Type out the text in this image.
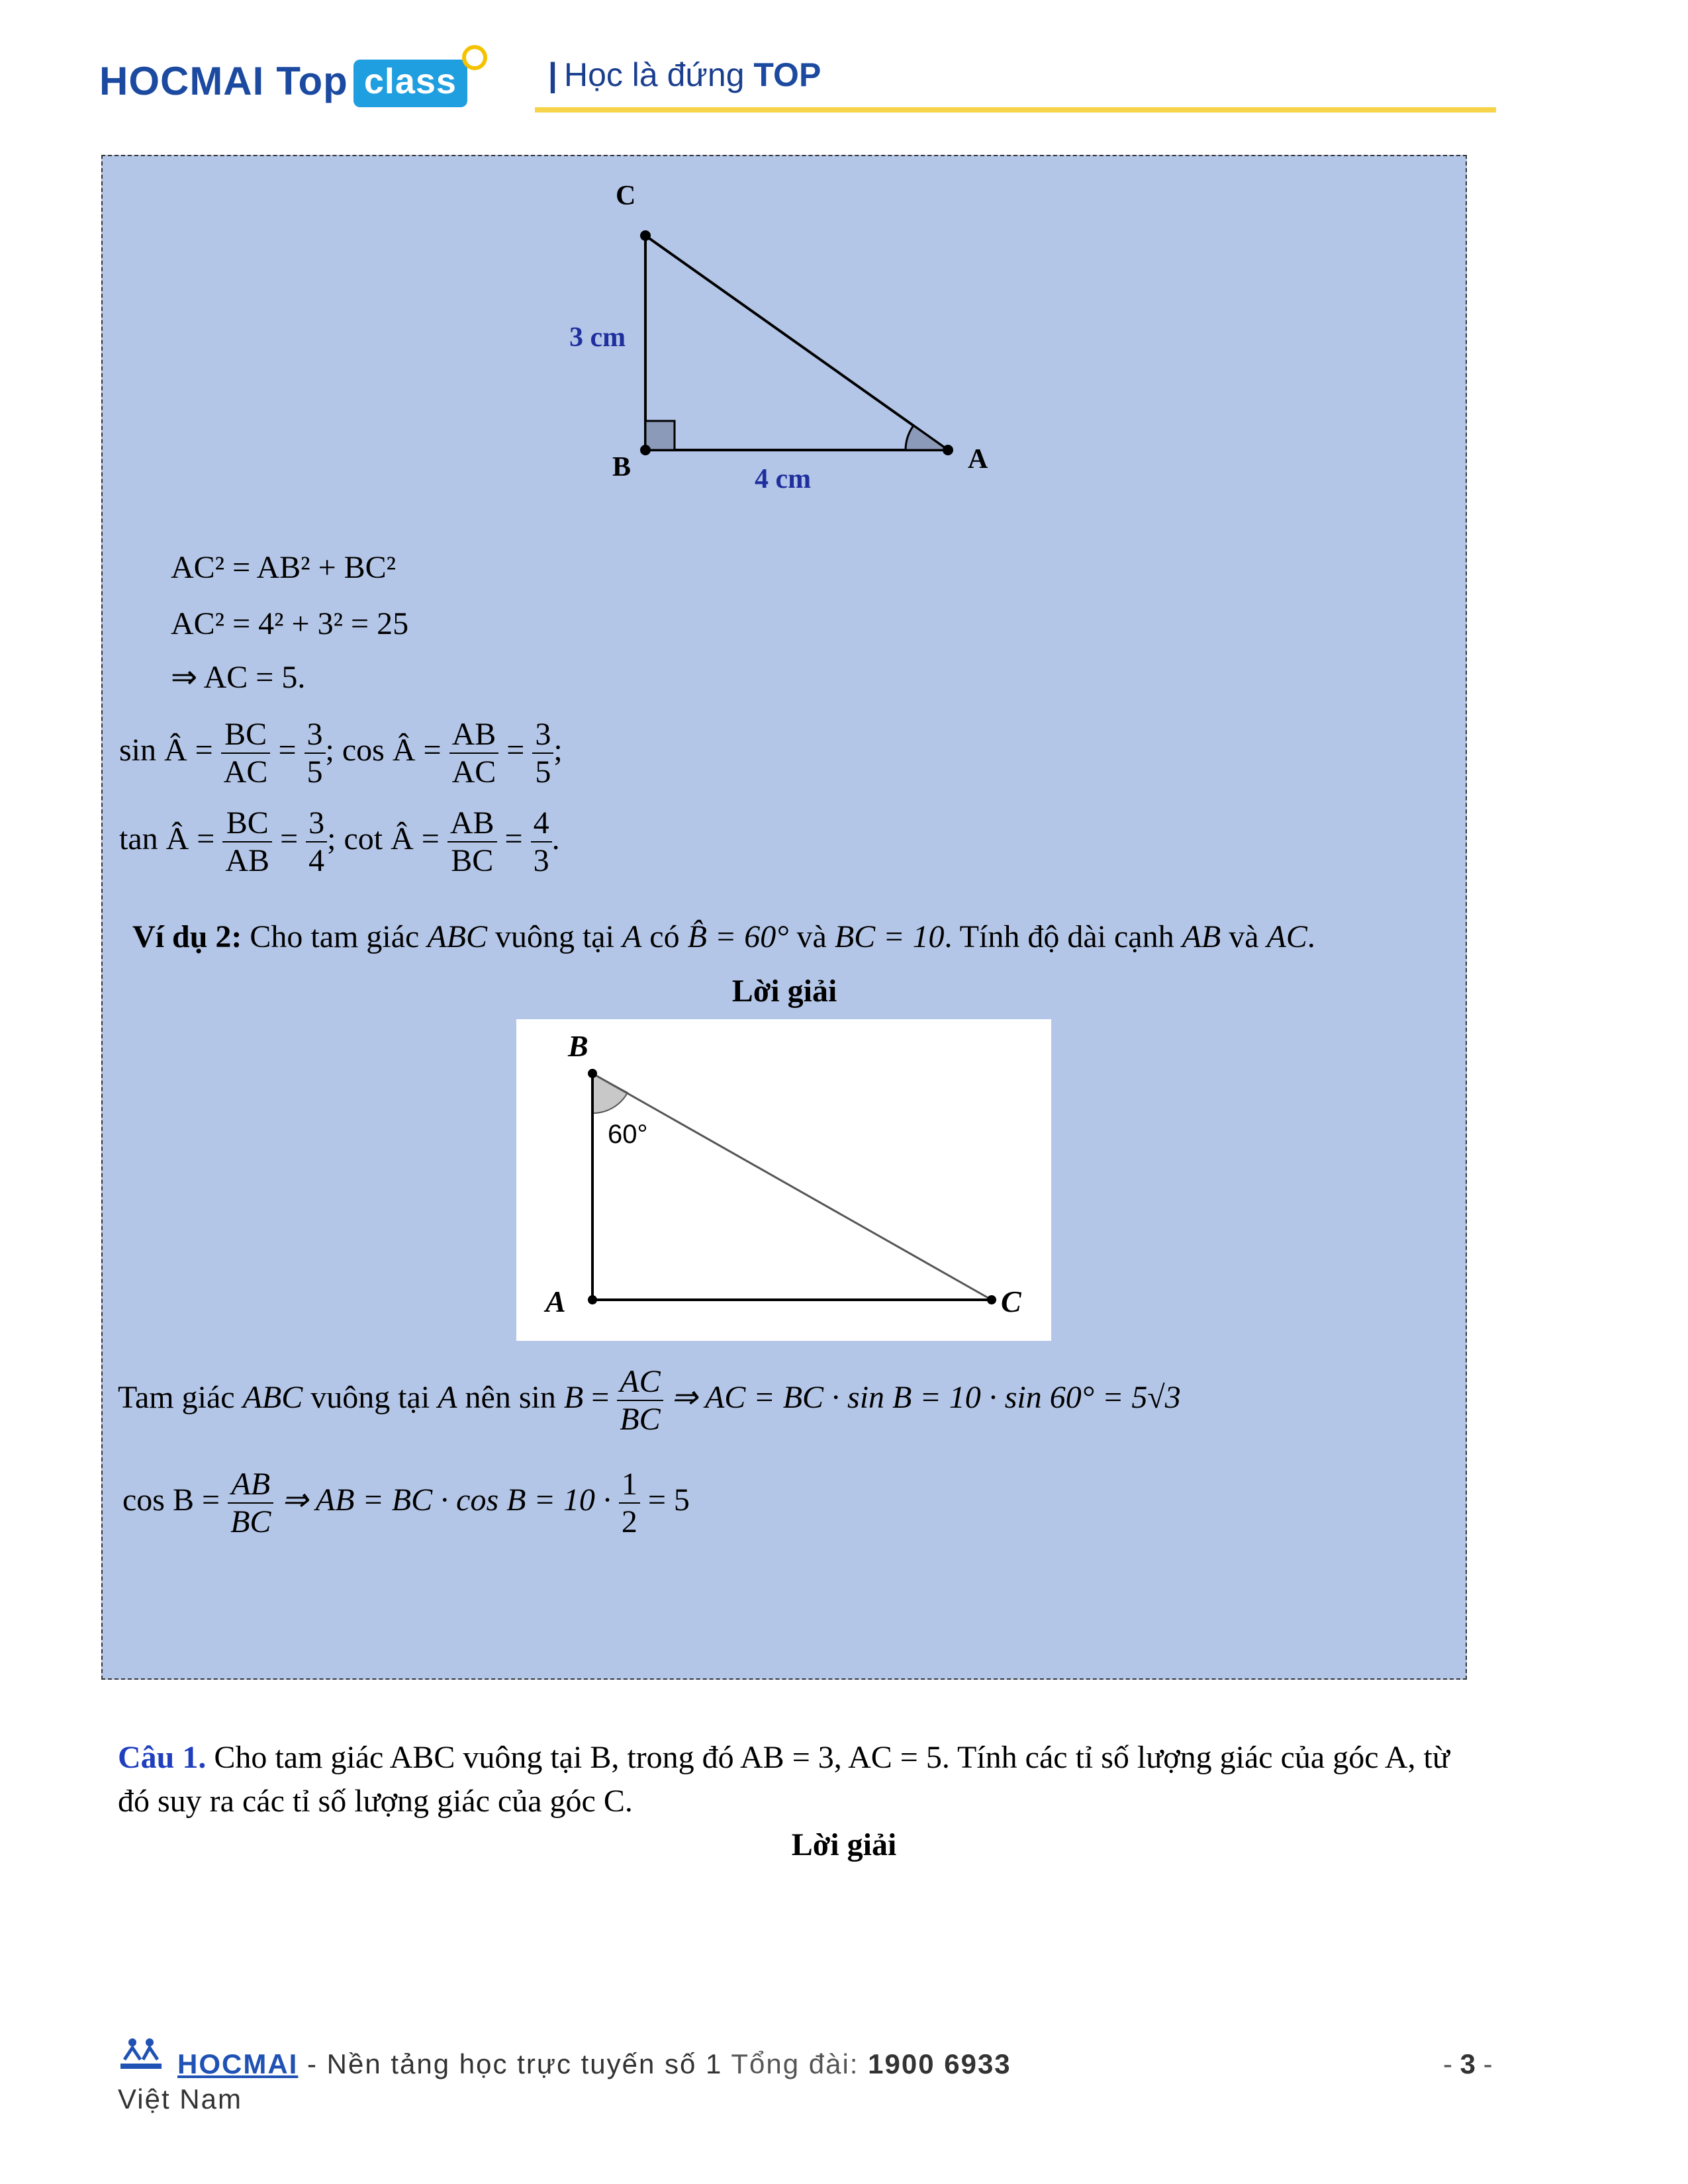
HOCMAI Top class	| Học là đứng TOP
C
B	A
3 cm
4 cm
AC² = AB² + BC²
AC² = 4² + 3² = 25
⇒ AC = 5.
sin Â = $\frac{BC}{AC} = \frac{3}{5}$ ; cos Â = $\frac{AB}{AC} = \frac{3}{5}$ ;
tan Â = $\frac{BC}{AB} = \frac{3}{4}$ ; cot Â = $\frac{AB}{BC} = \frac{4}{3}$ .
Ví dụ 2: Cho tam giác ABC vuông tại A có B̂ = 60° và BC = 10. Tính độ dài cạnh AB và AC.
Lời giải
B
A	C
60°
Tam giác ABC vuông tại A nên $\sin B = \frac{AC}{BC}$ ⇒ AC = BC · sin B = 10 · sin 60° = 5√3
$\cos B = \frac{AB}{BC}$ ⇒ AB = BC · $\cos B = 10 \cdot \frac{1}{2} = 5$
Câu 1. Cho tam giác ABC vuông tại B, trong đó AB = 3, AC = 5. Tính các tỉ số lượng giác của góc A, từ
đó suy ra các tỉ số lượng giác của góc C.
Lời giải
HOCMAI - Nền tảng học trực tuyến số 1 Tổng đài: 1900 6933
Việt Nam
- 3 -
